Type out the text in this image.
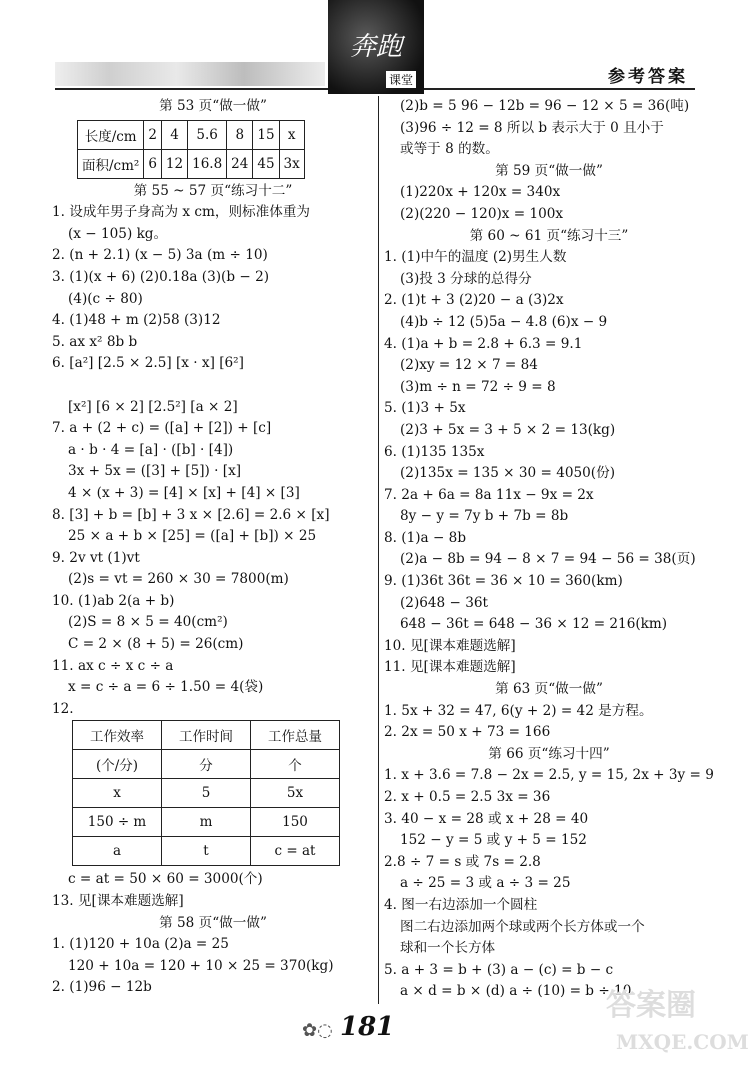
奔跑
课堂	参考答案
第 53 页“做一做”
长度/cm	2	4	5.6	8	15	x
面积/cm²	6	12	16.8	24	45	3x
第 55 ~ 57 页“练习十二”
1. 设成年男子身高为 x cm，则标准体重为
(x − 105) kg。
2. (n + 2.1) (x − 5) 3a (m ÷ 10)
3. (1)(x + 6) (2)0.18a (3)(b − 2)
(4)(c ÷ 80)
4. (1)48 + m (2)58 (3)12
5. ax x² 8b b
6. [a²] [2.5 × 2.5] [x · x] [6²]
[x²] [6 × 2] [2.5²] [a × 2]
7. a + (2 + c) = ([a] + [2]) + [c]
a · b · 4 = [a] · ([b] · [4])
3x + 5x = ([3] + [5]) · [x]
4 × (x + 3) = [4] × [x] + [4] × [3]
8. [3] + b = [b] + 3 x × [2.6] = 2.6 × [x]
25 × a + b × [25] = ([a] + [b]) × 25
9. 2v vt (1)vt
(2)s = vt = 260 × 30 = 7800(m)
10. (1)ab 2(a + b)
(2)S = 8 × 5 = 40(cm²)
C = 2 × (8 + 5) = 26(cm)
11. ax c ÷ x c ÷ a
x = c ÷ a = 6 ÷ 1.50 = 4(袋)
12.
工作效率	工作时间	工作总量
(个/分)	分	个
x	5	5x
150 ÷ m	m	150
a	t	c = at
c = at = 50 × 60 = 3000(个)
13. 见[课本难题选解]
第 58 页“做一做”
1. (1)120 + 10a (2)a = 25
120 + 10a = 120 + 10 × 25 = 370(kg)
2. (1)96 − 12b
(2)b = 5 96 − 12b = 96 − 12 × 5 = 36(吨)
(3)96 ÷ 12 = 8 所以 b 表示大于 0 且小于
或等于 8 的数。
第 59 页“做一做”
(1)220x + 120x = 340x
(2)(220 − 120)x = 100x
第 60 ~ 61 页“练习十三”
1. (1)中午的温度 (2)男生人数
(3)投 3 分球的总得分
2. (1)t + 3 (2)20 − a (3)2x
(4)b ÷ 12 (5)5a − 4.8 (6)x − 9
4. (1)a + b = 2.8 + 6.3 = 9.1
(2)xy = 12 × 7 = 84
(3)m ÷ n = 72 ÷ 9 = 8
5. (1)3 + 5x
(2)3 + 5x = 3 + 5 × 2 = 13(kg)
6. (1)135 135x
(2)135x = 135 × 30 = 4050(份)
7. 2a + 6a = 8a 11x − 9x = 2x
8y − y = 7y b + 7b = 8b
8. (1)a − 8b
(2)a − 8b = 94 − 8 × 7 = 94 − 56 = 38(页)
9. (1)36t 36t = 36 × 10 = 360(km)
(2)648 − 36t
648 − 36t = 648 − 36 × 12 = 216(km)
10. 见[课本难题选解]
11. 见[课本难题选解]
第 63 页“做一做”
1. 5x + 32 = 47, 6(y + 2) = 42 是方程。
2. 2x = 50 x + 73 = 166
第 66 页“练习十四”
1. x + 3.6 = 7.8 − 2x = 2.5, y = 15, 2x + 3y = 9
2. x + 0.5 = 2.5 3x = 36
3. 40 − x = 28 或 x + 28 = 40
152 − y = 5 或 y + 5 = 152
2.8 ÷ 7 = s 或 7s = 2.8
a ÷ 25 = 3 或 a ÷ 3 = 25
4. 图一右边添加一个圆柱
图二右边添加两个球或两个长方体或一个
球和一个长方体
5. a + 3 = b + (3) a − (c) = b − c
a × d = b × (d) a ÷ (10) = b ÷ 10
✿◌ 181
答案圈
MXQE.COM
